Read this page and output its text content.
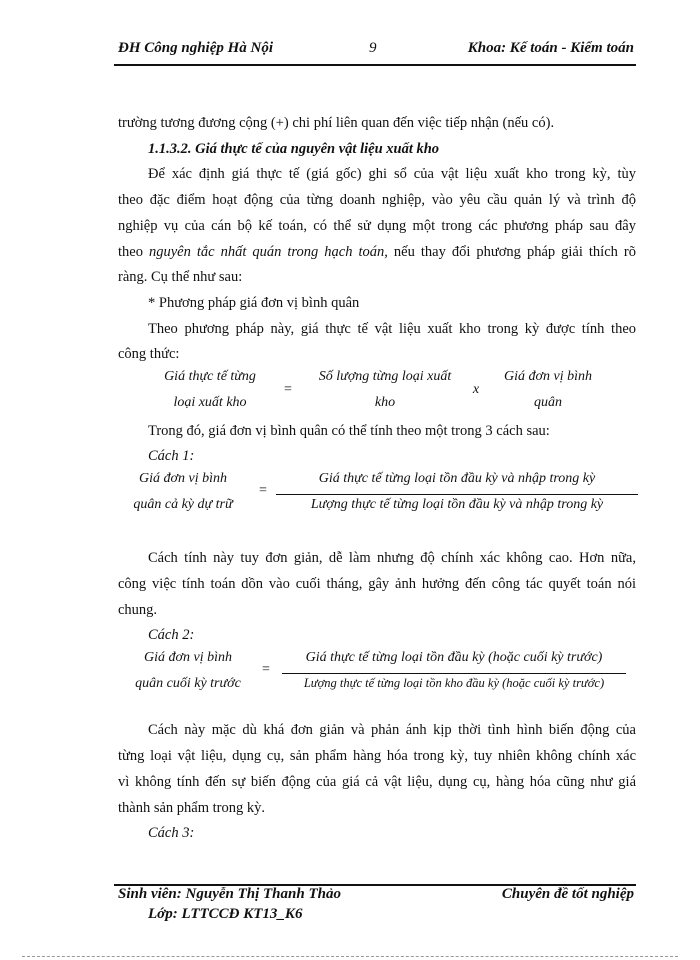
ĐH Công nghiệp Hà Nội	9	Khoa: Kế toán - Kiểm toán
trường tương đương cộng (+) chi phí liên quan đến việc tiếp nhận (nếu có).
1.1.3.2. Giá thực tế của nguyên vật liệu xuất kho
Để xác định giá thực tế (giá gốc) ghi sổ của vật liệu xuất kho trong kỳ, tùy
theo đặc điểm hoạt động của từng doanh nghiệp, vào yêu cầu quản lý và trình độ
nghiệp vụ của cán bộ kế toán, có thể sử dụng một trong các phương pháp sau đây
theo nguyên tắc nhất quán trong hạch toán, nếu thay đổi phương pháp giải thích rõ
ràng. Cụ thể như sau:
* Phương pháp giá đơn vị bình quân
Theo phương pháp này, giá thực tế vật liệu xuất kho trong kỳ được tính theo
công thức:
Giá thực tế từng
loại xuất kho
=
Số lượng từng loại xuất
kho
x
Giá đơn vị bình
quân
Trong đó, giá đơn vị bình quân có thể tính theo một trong 3 cách sau:
Cách 1:
Giá đơn vị bình
quân cả kỳ dự trữ
=
Giá thực tế từng loại tồn đầu kỳ và nhập trong kỳ
Lượng thực tế từng loại tồn đầu kỳ và nhập trong kỳ
Cách tính này tuy đơn giản, dễ làm nhưng độ chính xác không cao. Hơn nữa,
công việc tính toán dồn vào cuối tháng, gây ảnh hưởng đến công tác quyết toán nói
chung.
Cách 2:
Giá đơn vị bình
quân cuối kỳ trước
=
Giá thực tế từng loại tồn đầu kỳ (hoặc cuối kỳ trước)
Lượng thực tế từng loại tồn kho đầu kỳ (hoặc cuối kỳ trước)
Cách này mặc dù khá đơn giản và phản ánh kịp thời tình hình biến động của
từng loại vật liệu, dụng cụ, sản phẩm hàng hóa trong kỳ, tuy nhiên không chính xác
vì không tính đến sự biến động của giá cả vật liệu, dụng cụ, hàng hóa cũng như giá
thành sản phẩm trong kỳ.
Cách 3:
Sinh viên: Nguyễn Thị Thanh Thảo	Chuyên đề tốt nghiệp
Lớp: LTTCCĐ KT13_K6
